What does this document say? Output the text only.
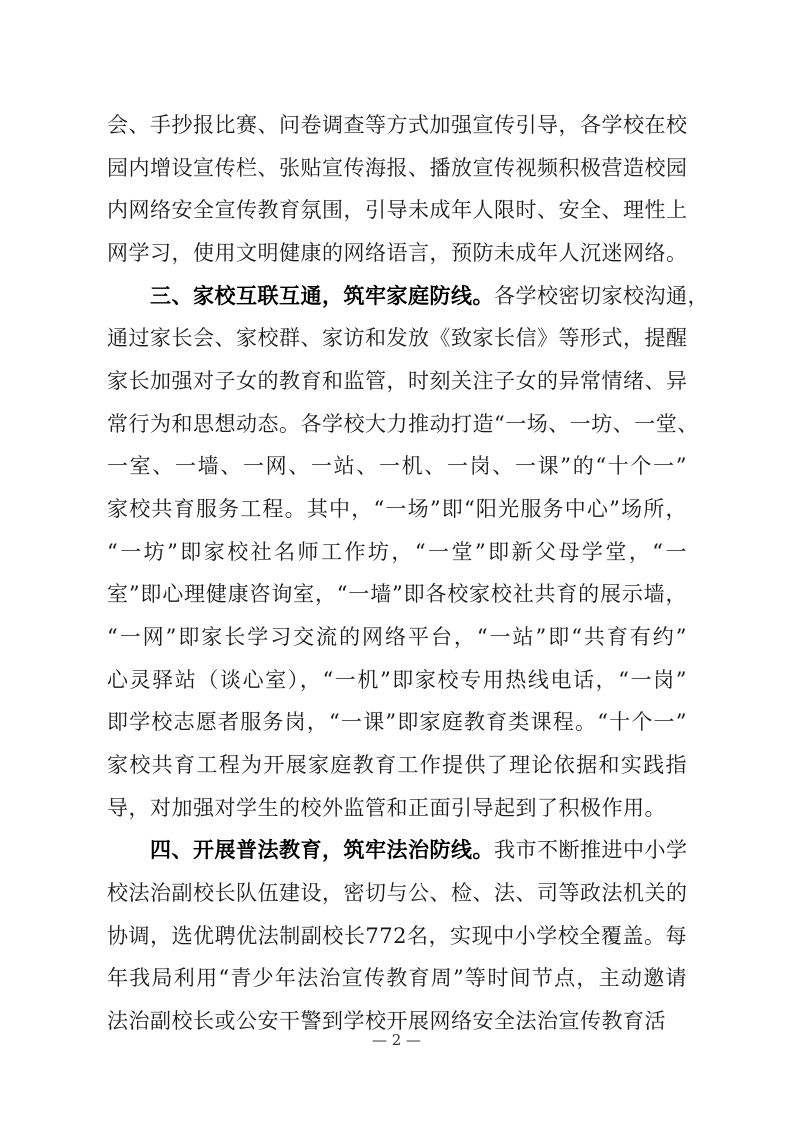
会、手抄报比赛、问卷调查等方式加强宣传引导，各学校在校
园内增设宣传栏、张贴宣传海报、播放宣传视频积极营造校园
内网络安全宣传教育氛围，引导未成年人限时、安全、理性上
网学习，使用文明健康的网络语言，预防未成年人沉迷网络。
三、家校互联互通，筑牢家庭防线。各学校密切家校沟通，
通过家长会、家校群、家访和发放《致家长信》等形式，提醒
家长加强对子女的教育和监管，时刻关注子女的异常情绪、异
常行为和思想动态。各学校大力推动打造“一场、一坊、一堂、
一室、一墙、一网、一站、一机、一岗、一课”的“十个一”
家校共育服务工程。其中，“一场”即“阳光服务中心”场所，
“一坊”即家校社名师工作坊，“一堂”即新父母学堂，“一
室”即心理健康咨询室，“一墙”即各校家校社共育的展示墙，
“一网”即家长学习交流的网络平台，“一站”即“共育有约”
心灵驿站（谈心室），“一机”即家校专用热线电话，“一岗”
即学校志愿者服务岗，“一课”即家庭教育类课程。“十个一”
家校共育工程为开展家庭教育工作提供了理论依据和实践指
导，对加强对学生的校外监管和正面引导起到了积极作用。
四、开展普法教育，筑牢法治防线。我市不断推进中小学
校法治副校长队伍建设，密切与公、检、法、司等政法机关的
协调，选优聘优法制副校长772名，实现中小学校全覆盖。每
年我局利用“青少年法治宣传教育周”等时间节点，主动邀请
法治副校长或公安干警到学校开展网络安全法治宣传教育活
— 2 —
